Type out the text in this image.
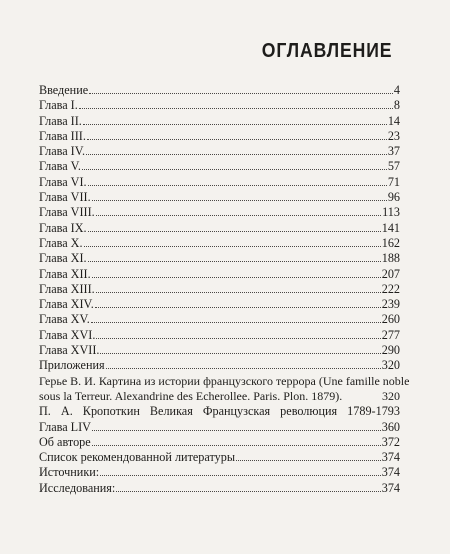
ОГЛАВЛЕНИЕ
Введение	4
Глава I.	8
Глава II.	14
Глава III.	23
Глава IV.	37
Глава V.	57
Глава VI.	71
Глава VII.	96
Глава VIII.	113
Глава IX.	141
Глава X.	162
Глава XI.	188
Глава XII.	207
Глава XIII.	222
Глава XIV.	239
Глава XV.	260
Глава XVI.	277
Глава XVII.	290
Приложения	320
Герье В. И. Картина из истории французского террора (Une famille noble
sous la Terreur. Alexandrine des Echerollee. Paris. Plon. 1879).	320
П. А. Кропоткин Великая Французская революция 1789-1793
Глава LIV	360
Об авторе	372
Список рекомендованной литературы	374
Источники:	374
Исследования:	374
